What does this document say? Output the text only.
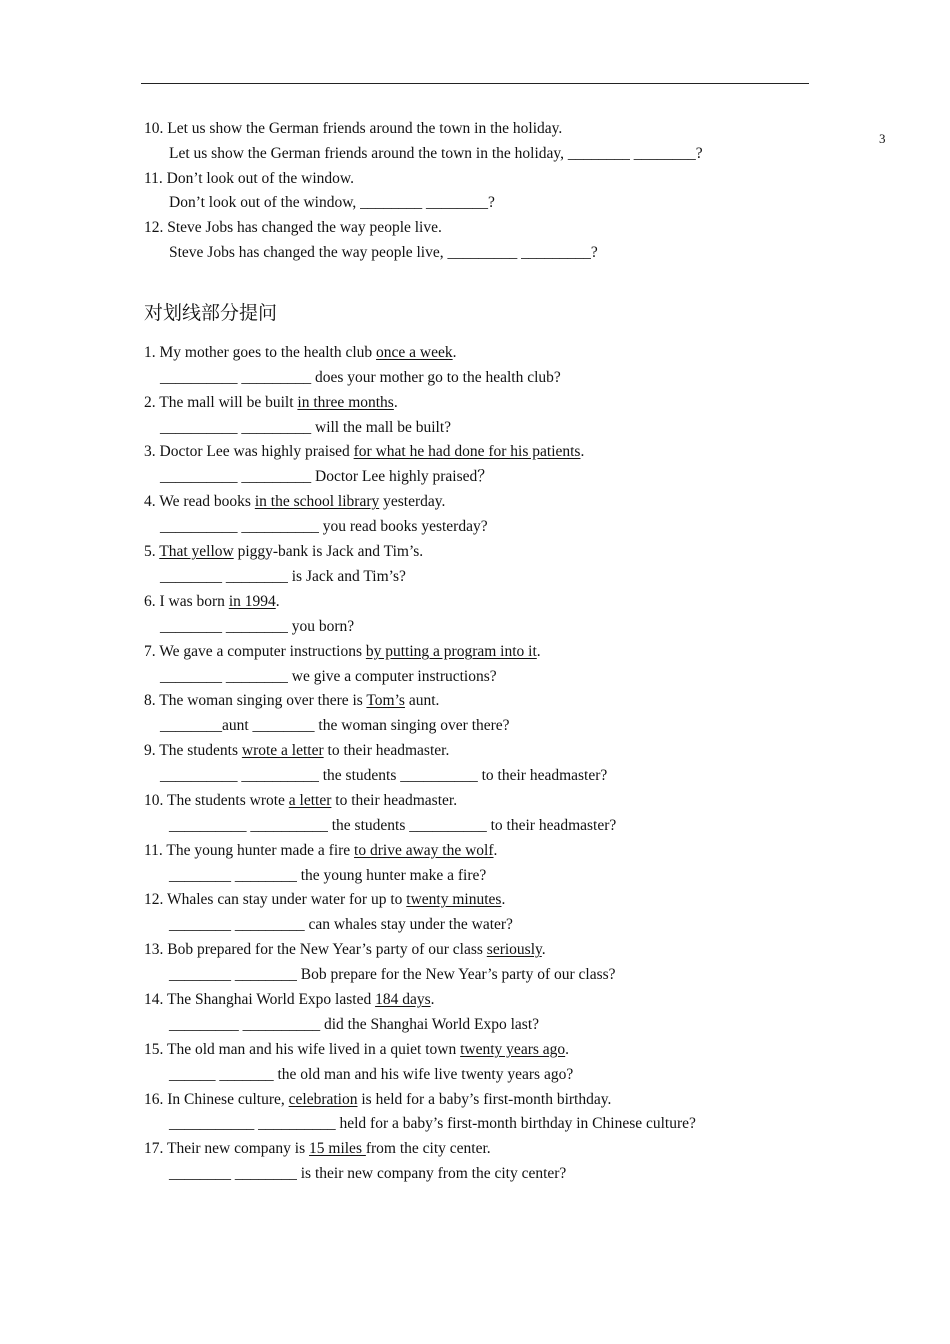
3
10. Let us show the German friends around the town in the holiday.
Let us show the German friends around the town in the holiday, ________ ________?
11. Don’t look out of the window.
Don’t look out of the window, ________ ________?
12. Steve Jobs has changed the way people live.
Steve Jobs has changed the way people live, _________ _________?
对划线部分提问
1. My mother goes to the health club once a week.
__________ _________ does your mother go to the health club?
2. The mall will be built in three months.
__________ _________ will the mall be built?
3. Doctor Lee was highly praised for what he had done for his patients.
__________ _________ Doctor Lee highly praised？
4. We read books in the school library yesterday.
__________ __________ you read books yesterday?
5. That yellow piggy-bank is Jack and Tim’s.
________ ________ is Jack and Tim’s?
6. I was born in 1994.
________ ________ you born?
7. We gave a computer instructions by putting a program into it.
________ ________ we give a computer instructions?
8. The woman singing over there is Tom’s aunt.
________aunt ________ the woman singing over there?
9. The students wrote a letter to their headmaster.
__________ __________ the students __________ to their headmaster?
10. The students wrote a letter to their headmaster.
__________ __________ the students __________ to their headmaster?
11. The young hunter made a fire to drive away the wolf.
________ ________ the young hunter make a fire?
12. Whales can stay under water for up to twenty minutes.
________ _________ can whales stay under the water?
13. Bob prepared for the New Year’s party of our class seriously.
________ ________ Bob prepare for the New Year’s party of our class?
14. The Shanghai World Expo lasted 184 days.
_________ __________ did the Shanghai World Expo last?
15. The old man and his wife lived in a quiet town twenty years ago.
______ _______ the old man and his wife live twenty years ago?
16. In Chinese culture, celebration is held for a baby’s first-month birthday.
___________ __________ held for a baby’s first-month birthday in Chinese culture?
17. Their new company is 15 miles from the city center.
________ ________ is their new company from the city center?
